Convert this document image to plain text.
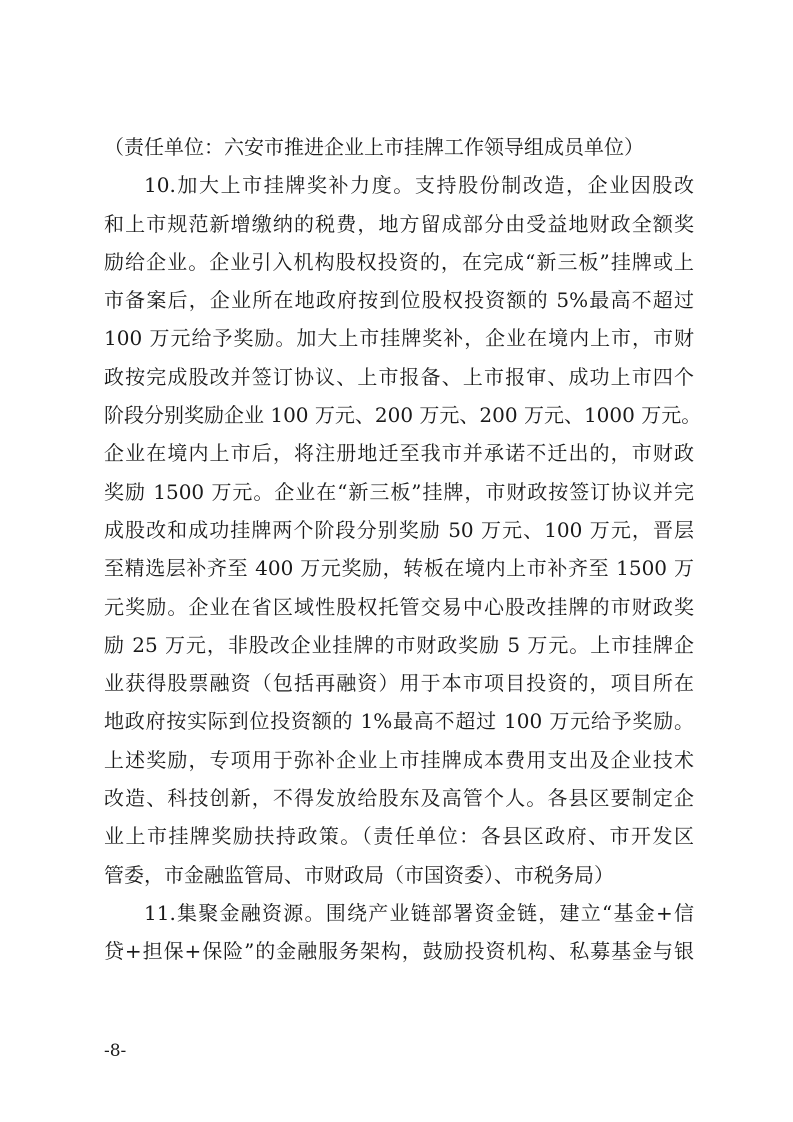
（责任单位：六安市推进企业上市挂牌工作领导组成员单位）
10.加大上市挂牌奖补力度。支持股份制改造，企业因股改
和上市规范新增缴纳的税费，地方留成部分由受益地财政全额奖
励给企业。企业引入机构股权投资的，在完成“新三板”挂牌或上
市备案后，企业所在地政府按到位股权投资额的 5%最高不超过
100 万元给予奖励。加大上市挂牌奖补，企业在境内上市，市财
政按完成股改并签订协议、上市报备、上市报审、成功上市四个
阶段分别奖励企业 100 万元、200 万元、200 万元、1000 万元。
企业在境内上市后，将注册地迁至我市并承诺不迁出的，市财政
奖励 1500 万元。企业在“新三板”挂牌，市财政按签订协议并完
成股改和成功挂牌两个阶段分别奖励 50 万元、100 万元，晋层
至精选层补齐至 400 万元奖励，转板在境内上市补齐至 1500 万
元奖励。企业在省区域性股权托管交易中心股改挂牌的市财政奖
励 25 万元，非股改企业挂牌的市财政奖励 5 万元。上市挂牌企
业获得股票融资（包括再融资）用于本市项目投资的，项目所在
地政府按实际到位投资额的 1%最高不超过 100 万元给予奖励。
上述奖励，专项用于弥补企业上市挂牌成本费用支出及企业技术
改造、科技创新，不得发放给股东及高管个人。各县区要制定企
业上市挂牌奖励扶持政策。（责任单位：各县区政府、市开发区
管委，市金融监管局、市财政局（市国资委）、市税务局）
11.集聚金融资源。围绕产业链部署资金链，建立“基金+信
贷+担保+保险”的金融服务架构，鼓励投资机构、私募基金与银
-8-
